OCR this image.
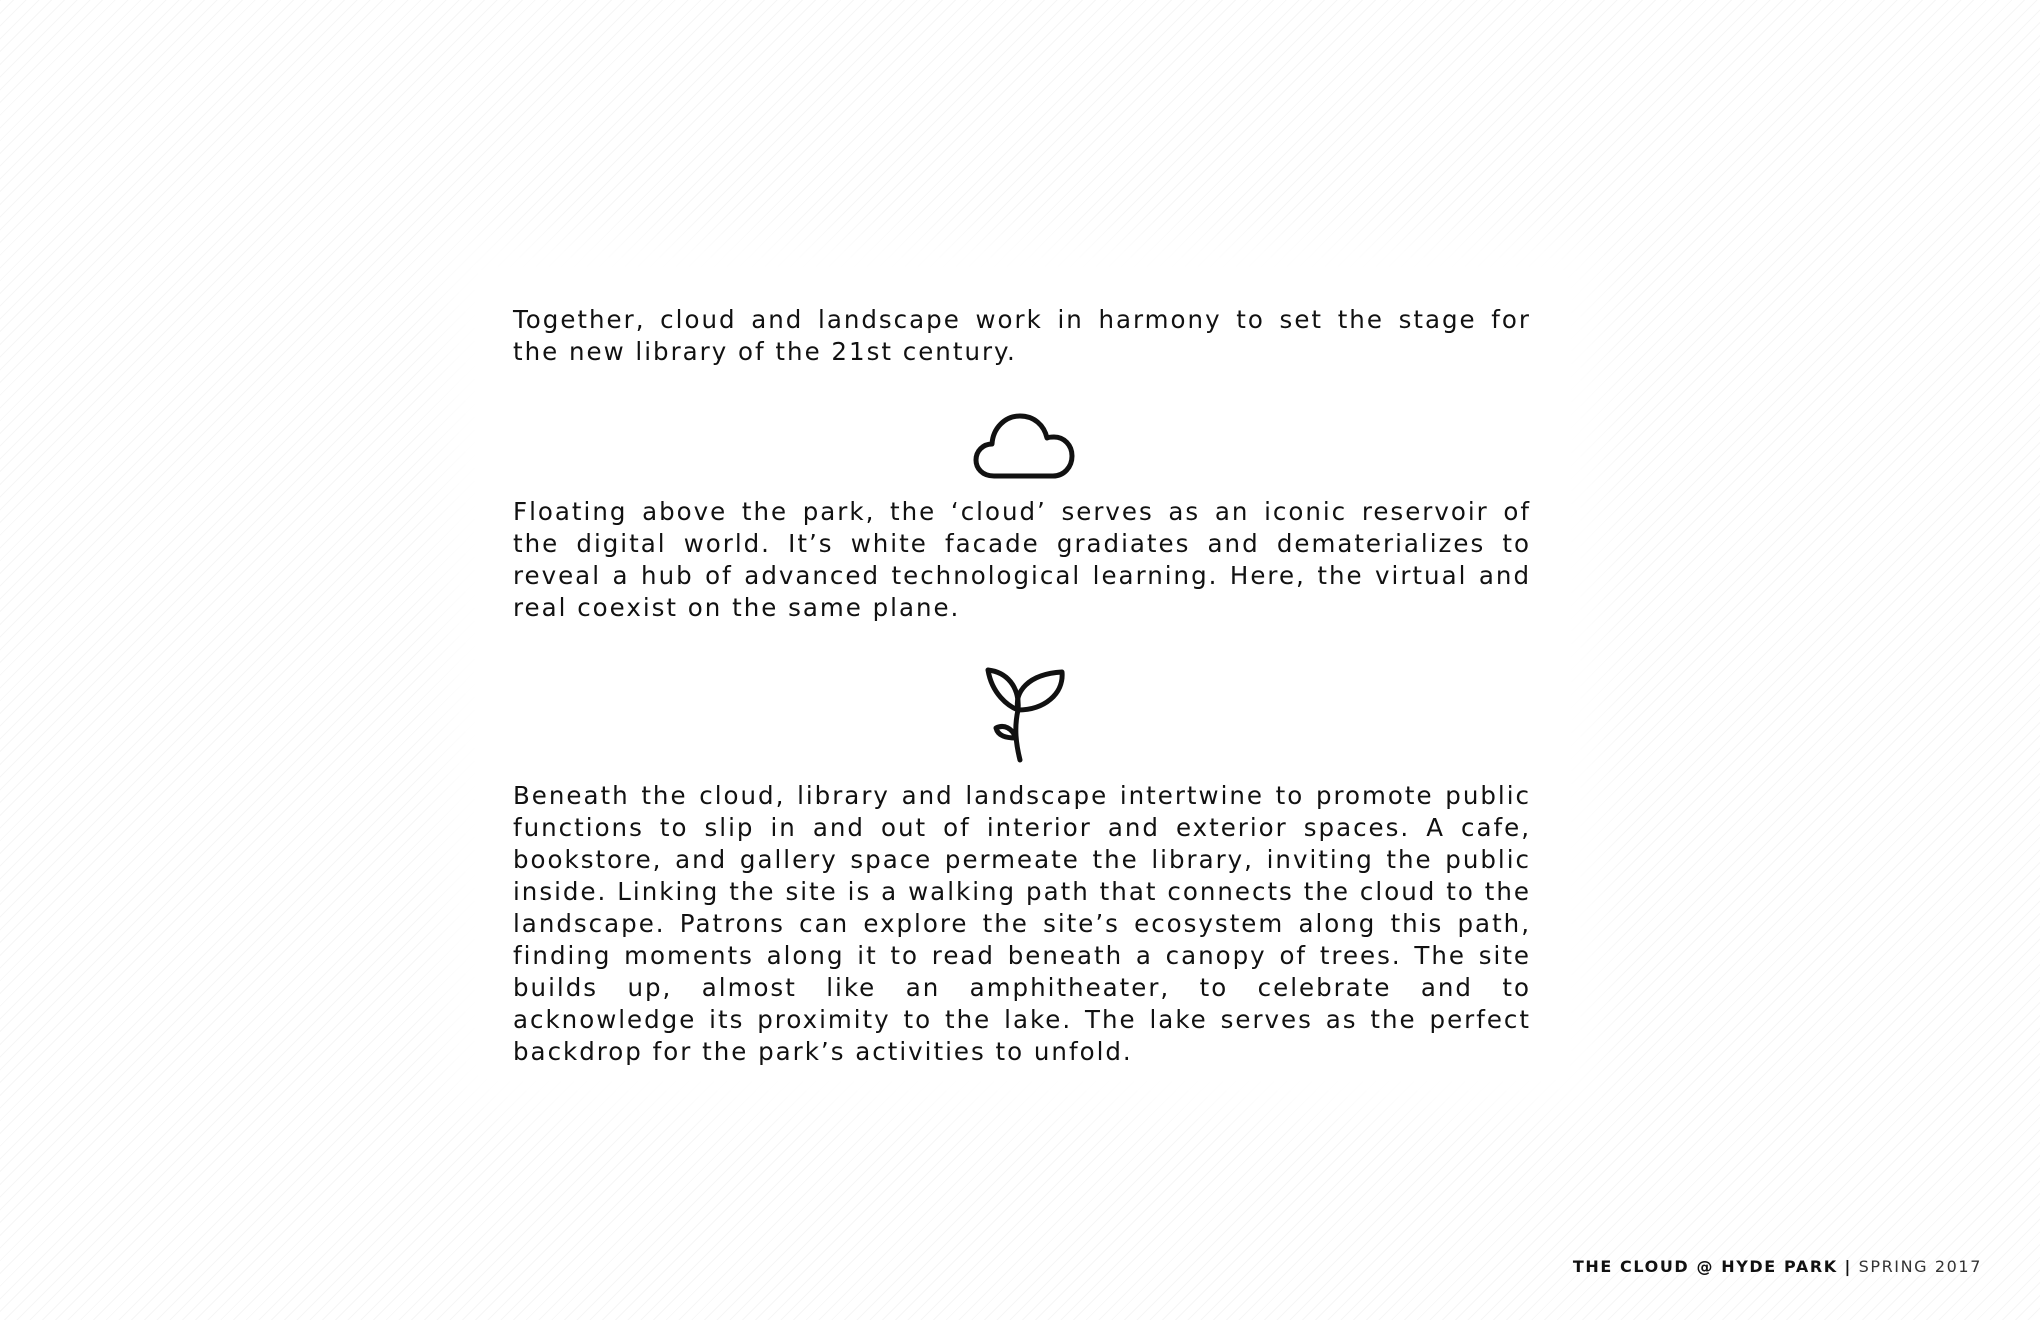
Together, cloud and landscape work in harmony to set the stage for the new library of the 21st century.

Floating above the park, the ‘cloud’ serves as an iconic reservoir of the digital world. It’s white facade gradiates and dematerializes to reveal a hub of advanced technological learning. Here, the virtual and real coexist on the same plane.

Beneath the cloud, library and landscape intertwine to promote public functions to slip in and out of interior and exterior spaces. A cafe, bookstore, and gallery space permeate the library, inviting the public inside. Linking the site is a walking path that connects the cloud to the landscape. Patrons can explore the site’s ecosystem along this path, finding moments along it to read beneath a canopy of trees. The site builds up, almost like an amphitheater, to celebrate and to acknowledge its proximity to the lake. The lake serves as the perfect backdrop for the park’s activities to unfold.

THE CLOUD @ HYDE PARK | SPRING 2017
